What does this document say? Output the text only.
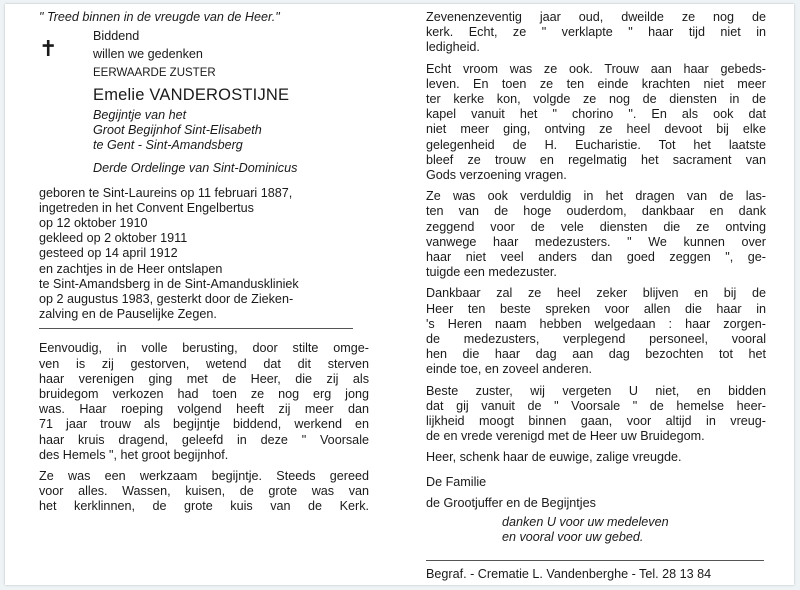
✝

" Treed binnen in de vreugde van de Heer."

Biddend
willen we gedenken
EERWAARDE ZUSTER
Emelie VANDEROSTIJNE
Begijntje van het
Groot Begijnhof Sint-Elisabeth
te Gent - Sint-Amandsberg
Derde Ordelinge van Sint-Dominicus
geboren te Sint-Laureins op 11 februari 1887,
ingetreden in het Convent Engelbertus
op 12 oktober 1910
gekleed op 2 oktober 1911
gesteed op 14 april 1912
en zachtjes in de Heer ontslapen
te Sint-Amandsberg in de Sint-Amanduskliniek
op 2 augustus 1983, gesterkt door de Zieken-
zalving en de Pauselijke Zegen.
Eenvoudig, in volle berusting, door stilte omge-
ven is zij gestorven, wetend dat dit sterven
haar verenigen ging met de Heer, die zij als
bruidegom verkozen had toen ze nog erg jong
was. Haar roeping volgend heeft zij meer dan
71 jaar trouw als begijntje biddend, werkend en
haar kruis dragend, geleefd in deze " Voorsale
des Hemels ", het groot begijnhof.
Ze was een werkzaam begijntje. Steeds gereed
voor alles. Wassen, kuisen, de grote was van
het kerklinnen, de grote kuis van de Kerk.
Zevenenzeventig jaar oud, dweilde ze nog de
kerk. Echt, ze " verklapte " haar tijd niet in
ledigheid.
Echt vroom was ze ook. Trouw aan haar gebeds-
leven. En toen ze ten einde krachten niet meer
ter kerke kon, volgde ze nog de diensten in de
kapel vanuit het " chorino ". En als ook dat
niet meer ging, ontving ze heel devoot bij elke
gelegenheid de H. Eucharistie. Tot het laatste
bleef ze trouw en regelmatig het sacrament van
Gods verzoening vragen.
Ze was ook verduldig in het dragen van de las-
ten van de hoge ouderdom, dankbaar en dank
zeggend voor de vele diensten die ze ontving
vanwege haar medezusters. " We kunnen over
haar niet veel anders dan goed zeggen ", ge-
tuigde een medezuster.
Dankbaar zal ze heel zeker blijven en bij de
Heer ten beste spreken voor allen die haar in
's Heren naam hebben welgedaan : haar zorgen-
de medezusters, verplegend personeel, vooral
hen die haar dag aan dag bezochten tot het
einde toe, en zoveel anderen.
Beste zuster, wij vergeten U niet, en bidden
dat gij vanuit de " Voorsale " de hemelse heer-
lijkheid moogt binnen gaan, voor altijd in vreug-
de en vrede verenigd met de Heer uw Bruidegom.
Heer, schenk haar de euwige, zalige vreugde.
De Familie
de Grootjuffer en de Begijntjes
danken U voor uw medeleven
en vooral voor uw gebed.
Begraf. - Crematie L. Vandenberghe - Tel. 28 13 84
